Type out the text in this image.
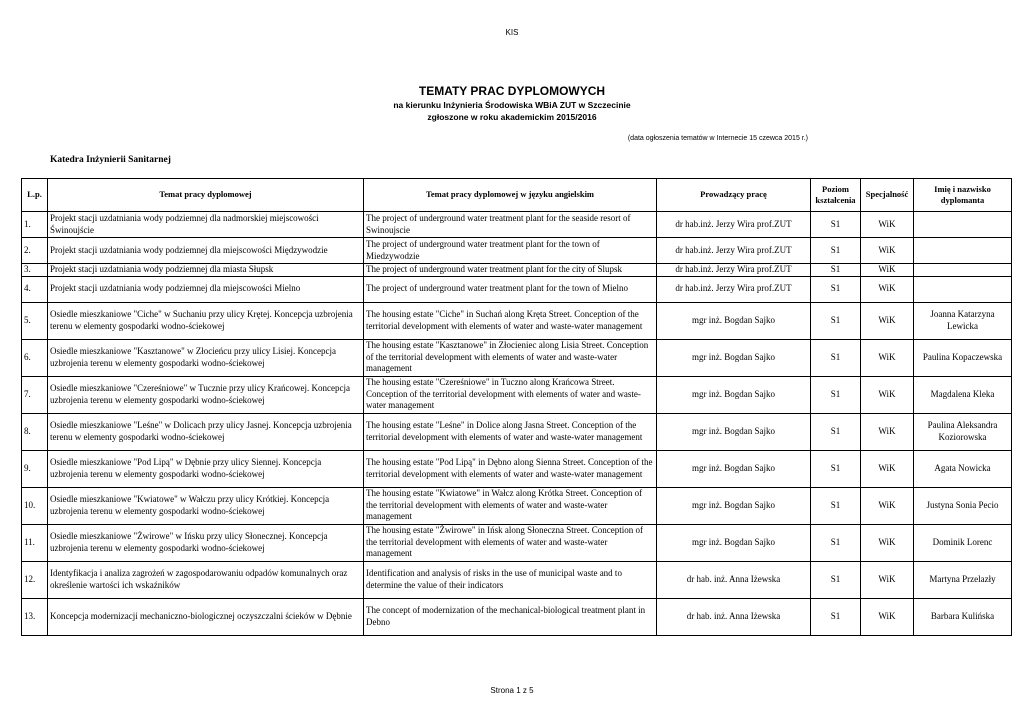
KIS
TEMATY PRAC DYPLOMOWYCH
na kierunku Inżynieria Środowiska WBiA ZUT w Szczecinie
zgłoszone w roku akademickim 2015/2016
(data ogłoszenia tematów w Internecie 15 czewca 2015 r.)
Katedra Inżynierii Sanitarnej
L.p.	Temat pracy dyplomowej	Temat pracy dyplomowej w języku angielskim	Prowadzący pracę	Poziom kształcenia	Specjalność	Imię i nazwisko dyplomanta
1.	Projekt stacji uzdatniania wody podziemnej dla nadmorskiej miejscowości Świnoujście	The project of underground water treatment plant for the seaside resort of Swinoujscie	dr hab.inż. Jerzy Wira prof.ZUT	S1	WiK	
2.	Projekt stacji uzdatniania wody podziemnej dla miejscowości Międzywodzie	The project of underground water treatment plant for the town of Miedzywodzie	dr hab.inż. Jerzy Wira prof.ZUT	S1	WiK	
3.	Projekt stacji uzdatniania wody podziemnej dla miasta Słupsk	The project of underground water treatment plant for the city of Slupsk	dr hab.inż. Jerzy Wira prof.ZUT	S1	WiK	
4.	Projekt stacji uzdatniania wody podziemnej dla miejscowości Mielno	The project of underground water treatment plant for the town of Mielno	dr hab.inż. Jerzy Wira prof.ZUT	S1	WiK	
5.	Osiedle mieszkaniowe "Ciche" w Suchaniu przy ulicy Krętej. Koncepcja uzbrojenia terenu w elementy gospodarki wodno-ściekowej	The housing estate "Ciche" in Suchań along Kręta Street. Conception of the territorial development with elements of water and waste-water management	mgr inż. Bogdan Sajko	S1	WiK	Joanna Katarzyna Lewicka
6.	Osiedle mieszkaniowe "Kasztanowe" w Złocieńcu przy ulicy Lisiej. Koncepcja uzbrojenia terenu w elementy gospodarki wodno-ściekowej	The housing estate "Kasztanowe" in Złocieniec along Lisia Street. Conception of the territorial development with elements of water and waste-water management	mgr inż. Bogdan Sajko	S1	WiK	Paulina Kopaczewska
7.	Osiedle mieszkaniowe "Czereśniowe" w Tucznie przy ulicy Krańcowej. Koncepcja uzbrojenia terenu w elementy gospodarki wodno-ściekowej	The housing estate "Czereśniowe" in Tuczno along Krańcowa Street. Conception of the territorial development with elements of water and waste-water management	mgr inż. Bogdan Sajko	S1	WiK	Magdalena Kleka
8.	Osiedle mieszkaniowe "Leśne" w Dolicach przy ulicy Jasnej. Koncepcja uzbrojenia terenu w elementy gospodarki wodno-ściekowej	The housing estate "Leśne" in Dolice along Jasna Street. Conception of the territorial development with elements of water and waste-water management	mgr inż. Bogdan Sajko	S1	WiK	Paulina Aleksandra Koziorowska
9.	Osiedle mieszkaniowe "Pod Lipą" w Dębnie przy ulicy Siennej. Koncepcja uzbrojenia terenu w elementy gospodarki wodno-ściekowej	The housing estate "Pod Lipą" in Dębno along Sienna Street. Conception of the territorial development with elements of water and waste-water management	mgr inż. Bogdan Sajko	S1	WiK	Agata Nowicka
10.	Osiedle mieszkaniowe "Kwiatowe" w Wałczu przy ulicy Krótkiej. Koncepcja uzbrojenia terenu w elementy gospodarki wodno-ściekowej	The housing estate "Kwiatowe" in Wałcz along Krótka Street. Conception of the territorial development with elements of water and waste-water management	mgr inż. Bogdan Sajko	S1	WiK	Justyna Sonia Pecio
11.	Osiedle mieszkaniowe "Żwirowe" w Ińsku przy ulicy Słonecznej. Koncepcja uzbrojenia terenu w elementy gospodarki wodno-ściekowej	The housing estate "Żwirowe" in Ińsk along Słoneczna Street. Conception of the territorial development with elements of water and waste-water management	mgr inż. Bogdan Sajko	S1	WiK	Dominik Lorenc
12.	Identyfikacja i analiza zagrożeń w zagospodarowaniu odpadów komunalnych oraz określenie wartości ich wskaźników	Identification and analysis of risks in the use of municipal waste and to determine the value of their indicators	dr hab. inż. Anna Iżewska	S1	WiK	Martyna Przelazły
13.	Koncepcja modernizacji mechaniczno-biologicznej oczyszczalni ścieków w Dębnie	The concept of modernization of the mechanical-biological treatment plant in Debno	dr hab. inż. Anna Iżewska	S1	WiK	Barbara Kulińska
Strona 1 z 5
